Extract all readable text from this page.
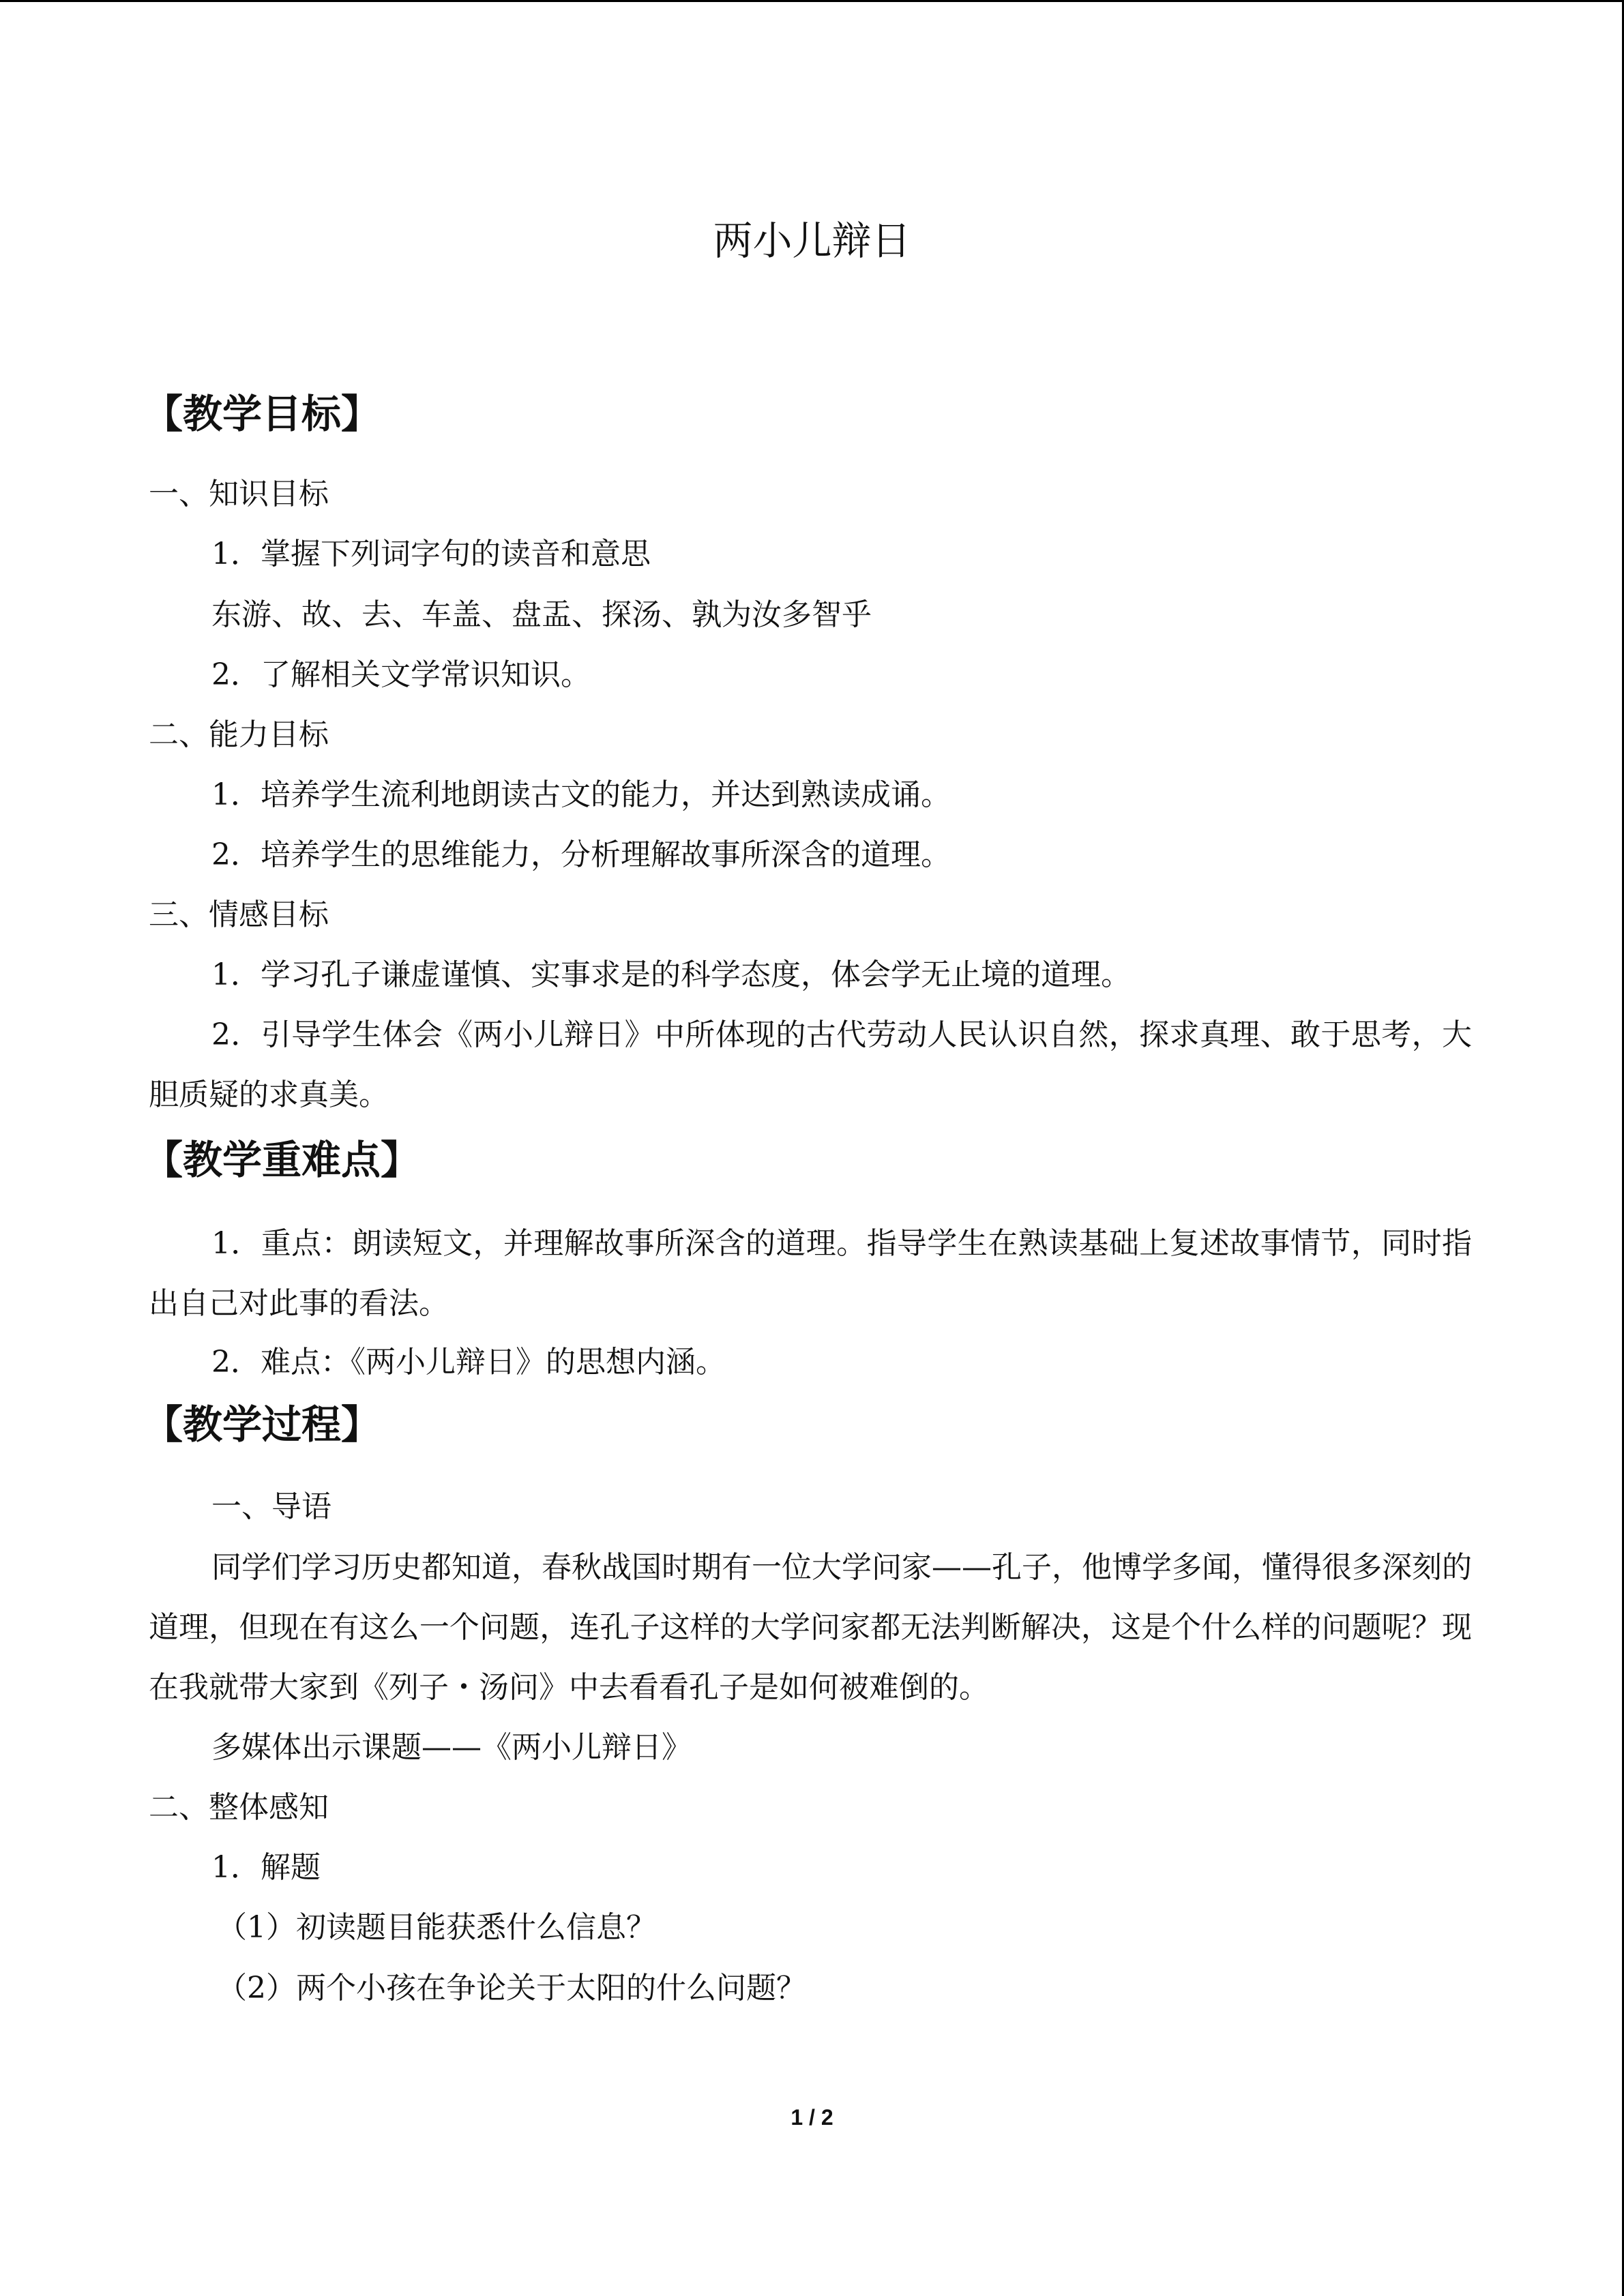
两小儿辩日
【教学目标】
一、知识目标
1．掌握下列词字句的读音和意思
东游、故、去、车盖、盘盂、探汤、孰为汝多智乎
2．了解相关文学常识知识。
二、能力目标
1．培养学生流利地朗读古文的能力，并达到熟读成诵。
2．培养学生的思维能力，分析理解故事所深含的道理。
三、情感目标
1．学习孔子谦虚谨慎、实事求是的科学态度，体会学无止境的道理。
2．引导学生体会《两小儿辩日》中所体现的古代劳动人民认识自然，探求真理、敢于思考，大胆质疑的求真美。
【教学重难点】
1．重点：朗读短文，并理解故事所深含的道理。指导学生在熟读基础上复述故事情节，同时指出自己对此事的看法。
2．难点：《两小儿辩日》的思想内涵。
【教学过程】
一、导语
同学们学习历史都知道，春秋战国时期有一位大学问家——孔子，他博学多闻，懂得很多深刻的道理，但现在有这么一个问题，连孔子这样的大学问家都无法判断解决，这是个什么样的问题呢？现在我就带大家到《列子・汤问》中去看看孔子是如何被难倒的。
多媒体出示课题——《两小儿辩日》
二、整体感知
1．解题
（1）初读题目能获悉什么信息？
（2）两个小孩在争论关于太阳的什么问题？
1 / 2
